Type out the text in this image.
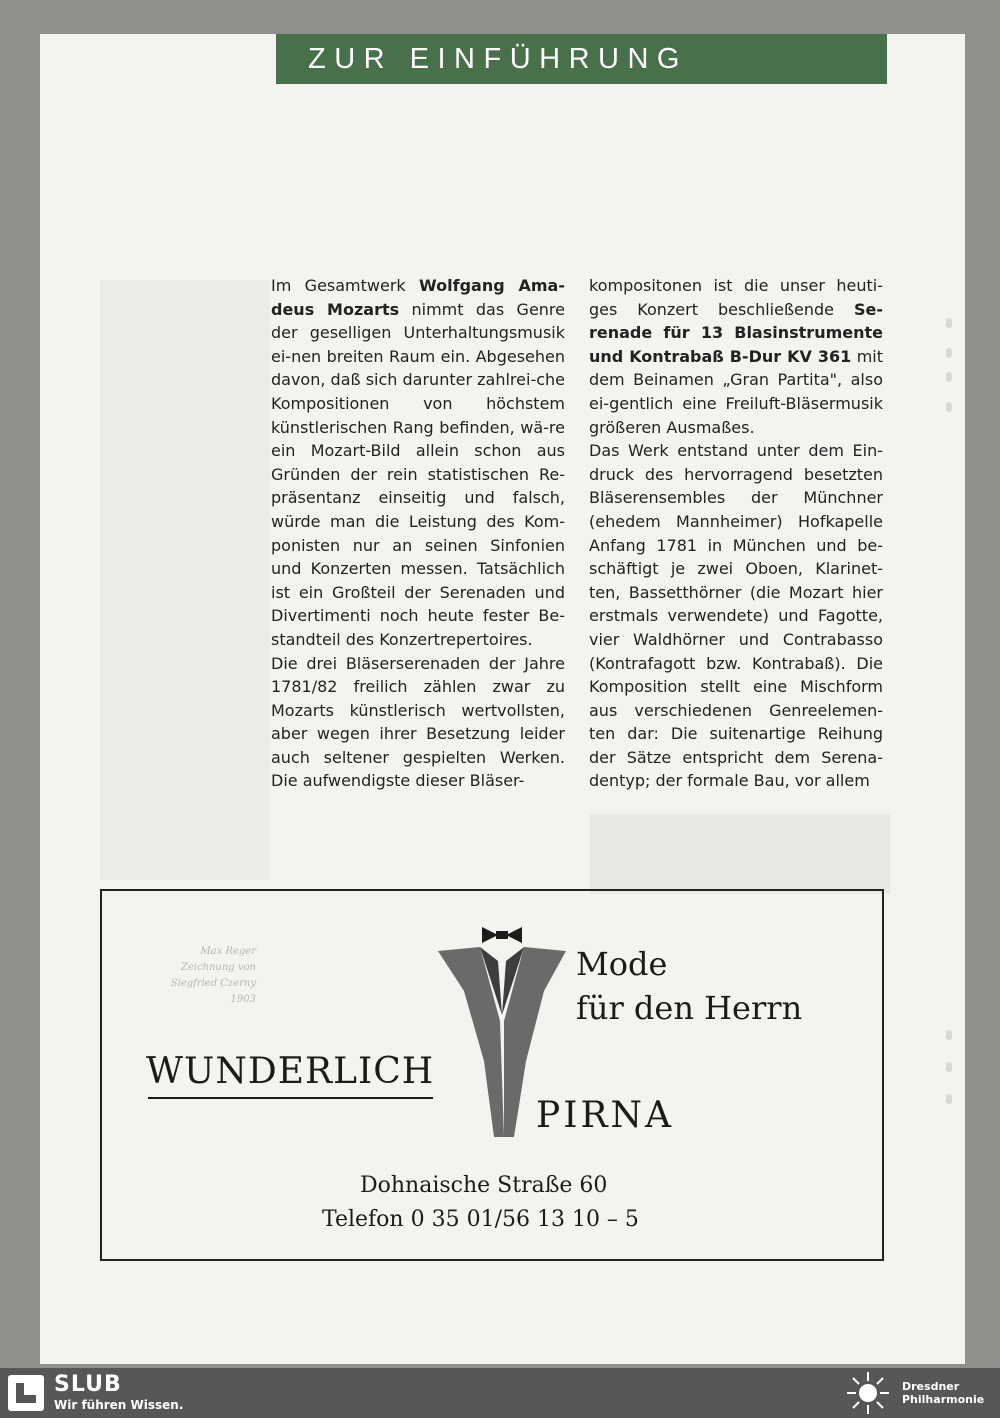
ZUR EINFÜHRUNG

Im Gesamtwerk Wolfgang Ama-deus Mozarts nimmt das Genre der geselligen Unterhaltungsmusik ei-nen breiten Raum ein. Abgesehen davon, daß sich darunter zahlrei-che Kompositionen von höchstem künstlerischen Rang befinden, wä-re ein Mozart-Bild allein schon aus Gründen der rein statistischen Re-präsentanz einseitig und falsch, würde man die Leistung des Kom-ponisten nur an seinen Sinfonien und Konzerten messen. Tatsächlich ist ein Großteil der Serenaden und Divertimenti noch heute fester Be-standteil des Konzertrepertoires.

Die drei Bläserserenaden der Jahre 1781/82 freilich zählen zwar zu Mozarts künstlerisch wertvollsten, aber wegen ihrer Besetzung leider auch seltener gespielten Werken. Die aufwendigste dieser Bläser-

kompositonen ist die unser heuti-ges Konzert beschließende Se-renade für 13 Blasinstrumente und Kontrabaß B-Dur KV 361 mit dem Beinamen „Gran Partita", also ei-gentlich eine Freiluft-Bläsermusik größeren Ausmaßes.

Das Werk entstand unter dem Ein-druck des hervorragend besetzten Bläserensembles der Münchner (ehedem Mannheimer) Hofkapelle Anfang 1781 in München und be-schäftigt je zwei Oboen, Klarinet-ten, Bassetthörner (die Mozart hier erstmals verwendete) und Fagotte, vier Waldhörner und Contrabasso (Kontrafagott bzw. Kontrabaß). Die Komposition stellt eine Mischform aus verschiedenen Genreelemen-ten dar: Die suitenartige Reihung der Sätze entspricht dem Serena-dentyp; der formale Bau, vor allem

Max Reger
Zeichnung von
Siegfried Czerny
1903
Mode
für den Herrn
WUNDERLICH
PIRNA
Dohnaische Straße 60
Telefon 0 35 01/56 13 10 – 5
SLUB
Wir führen Wissen.
Dresdner
Philharmonie
